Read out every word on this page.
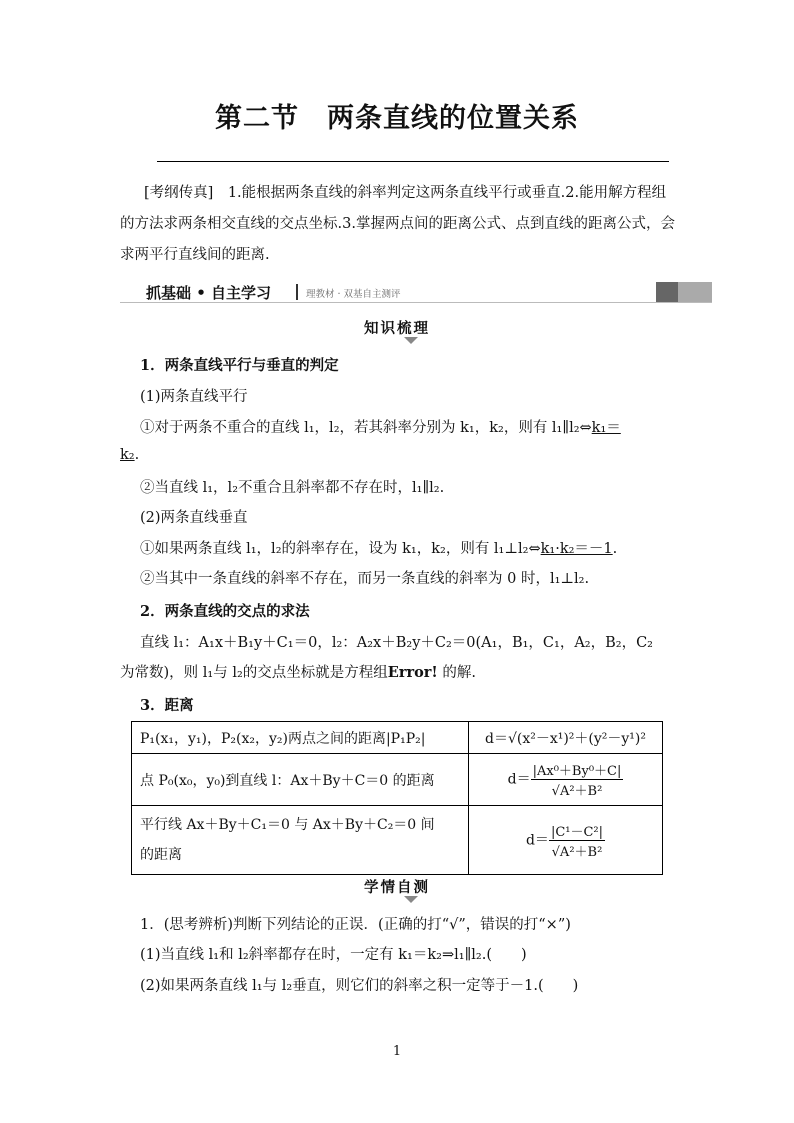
第二节　两条直线的位置关系
[考纲传真]　1.能根据两条直线的斜率判定这两条直线平行或垂直.2.能用解方程组的方法求两条相交直线的交点坐标.3.掌握两点间的距离公式、点到直线的距离公式，会求两平行直线间的距离.
抓基础 • 自主学习	理教材 · 双基自主测评
知识梳理
1．两条直线平行与垂直的判定
(1)两条直线平行
①对于两条不重合的直线 l₁，l₂，若其斜率分别为 k₁，k₂，则有 l₁∥l₂⇔k₁＝
k₂.
②当直线 l₁，l₂不重合且斜率都不存在时，l₁∥l₂.
(2)两条直线垂直
①如果两条直线 l₁，l₂的斜率存在，设为 k₁，k₂，则有 l₁⊥l₂⇔k₁·k₂＝－1.
②当其中一条直线的斜率不存在，而另一条直线的斜率为 0 时，l₁⊥l₂.
2．两条直线的交点的求法
直线 l₁：A₁x＋B₁y＋C₁＝0，l₂：A₂x＋B₂y＋C₂＝0(A₁，B₁，C₁，A₂，B₂，C₂
为常数)，则 l₁与 l₂的交点坐标就是方程组Error! 的解.
3．距离
P₁(x₁，y₁)，P₂(x₂，y₂)两点之间的距离|P₁P₂|	d＝√(x²－x¹)²＋(y²－y¹)²
点 P₀(x₀，y₀)到直线 l：Ax＋By＋C＝0 的距离	$d= \frac{\text{|Ax⁰＋By⁰＋C|}}{\text{√A²＋B²}}$

平行线 Ax＋By＋C₁＝0 与 Ax＋By＋C₂＝0 间
的距离	$d= \frac{\text{|C¹－C²|}}{\text{√A²＋B²}}$
学情自测
1．(思考辨析)判断下列结论的正误．(正确的打“√”，错误的打“×”)
(1)当直线 l₁和 l₂斜率都存在时，一定有 k₁＝k₂⇒l₁∥l₂.(　　)
(2)如果两条直线 l₁与 l₂垂直，则它们的斜率之积一定等于－1.(　　)
1
